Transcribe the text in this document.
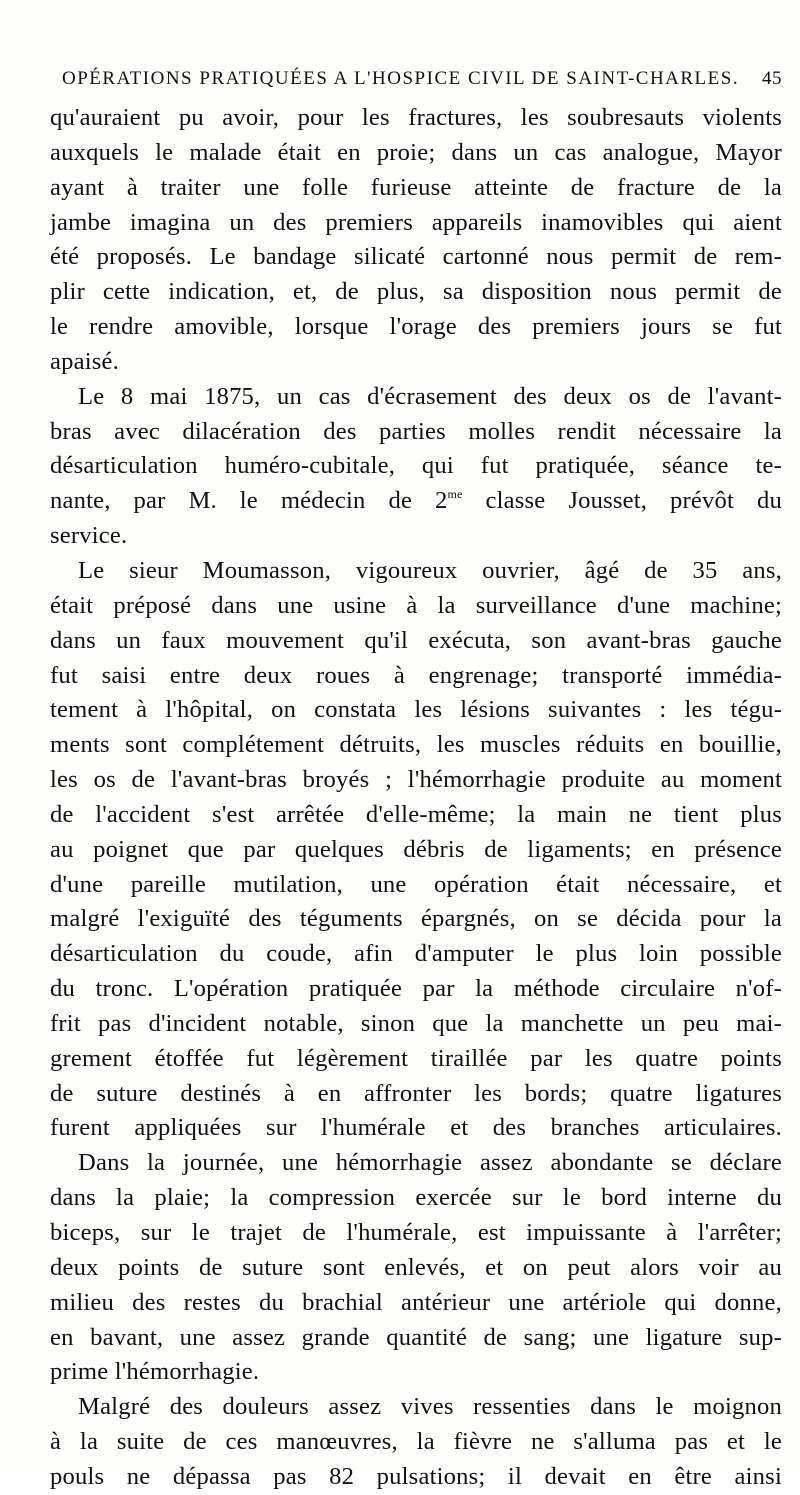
OPÉRATIONS PRATIQUÉES A L'HOSPICE CIVIL DE SAINT-CHARLES. 45
qu'auraient pu avoir, pour les fractures, les soubresauts violents
auxquels le malade était en proie; dans un cas analogue, Mayor
ayant à traiter une folle furieuse atteinte de fracture de la
jambe imagina un des premiers appareils inamovibles qui aient
été proposés. Le bandage silicaté cartonné nous permit de rem-
plir cette indication, et, de plus, sa disposition nous permit de
le rendre amovible, lorsque l'orage des premiers jours se fut
apaisé.
Le 8 mai 1875, un cas d'écrasement des deux os de l'avant-
bras avec dilacération des parties molles rendit nécessaire la
désarticulation huméro-cubitale, qui fut pratiquée, séance te-
nante, par M. le médecin de $2^{me}$ classe Jousset, prévôt du
service.
Le sieur Moumasson, vigoureux ouvrier, âgé de 35 ans,
était préposé dans une usine à la surveillance d'une machine;
dans un faux mouvement qu'il exécuta, son avant-bras gauche
fut saisi entre deux roues à engrenage; transporté immédia-
tement à l'hôpital, on constata les lésions suivantes : les tégu-
ments sont complétement détruits, les muscles réduits en bouillie,
les os de l'avant-bras broyés ; l'hémorrhagie produite au moment
de l'accident s'est arrêtée d'elle-même; la main ne tient plus
au poignet que par quelques débris de ligaments; en présence
d'une pareille mutilation, une opération était nécessaire, et
malgré l'exiguïté des téguments épargnés, on se décida pour la
désarticulation du coude, afin d'amputer le plus loin possible
du tronc. L'opération pratiquée par la méthode circulaire n'of-
frit pas d'incident notable, sinon que la manchette un peu mai-
grement étoffée fut légèrement tiraillée par les quatre points
de suture destinés à en affronter les bords; quatre ligatures
furent appliquées sur l'humérale et des branches articulaires.
Dans la journée, une hémorrhagie assez abondante se déclare
dans la plaie; la compression exercée sur le bord interne du
biceps, sur le trajet de l'humérale, est impuissante à l'arrêter;
deux points de suture sont enlevés, et on peut alors voir au
milieu des restes du brachial antérieur une artériole qui donne,
en bavant, une assez grande quantité de sang; une ligature sup-
prime l'hémorrhagie.
Malgré des douleurs assez vives ressenties dans le moignon
à la suite de ces manœuvres, la fièvre ne s'alluma pas et le
pouls ne dépassa pas 82 pulsations; il devait en être ainsi
